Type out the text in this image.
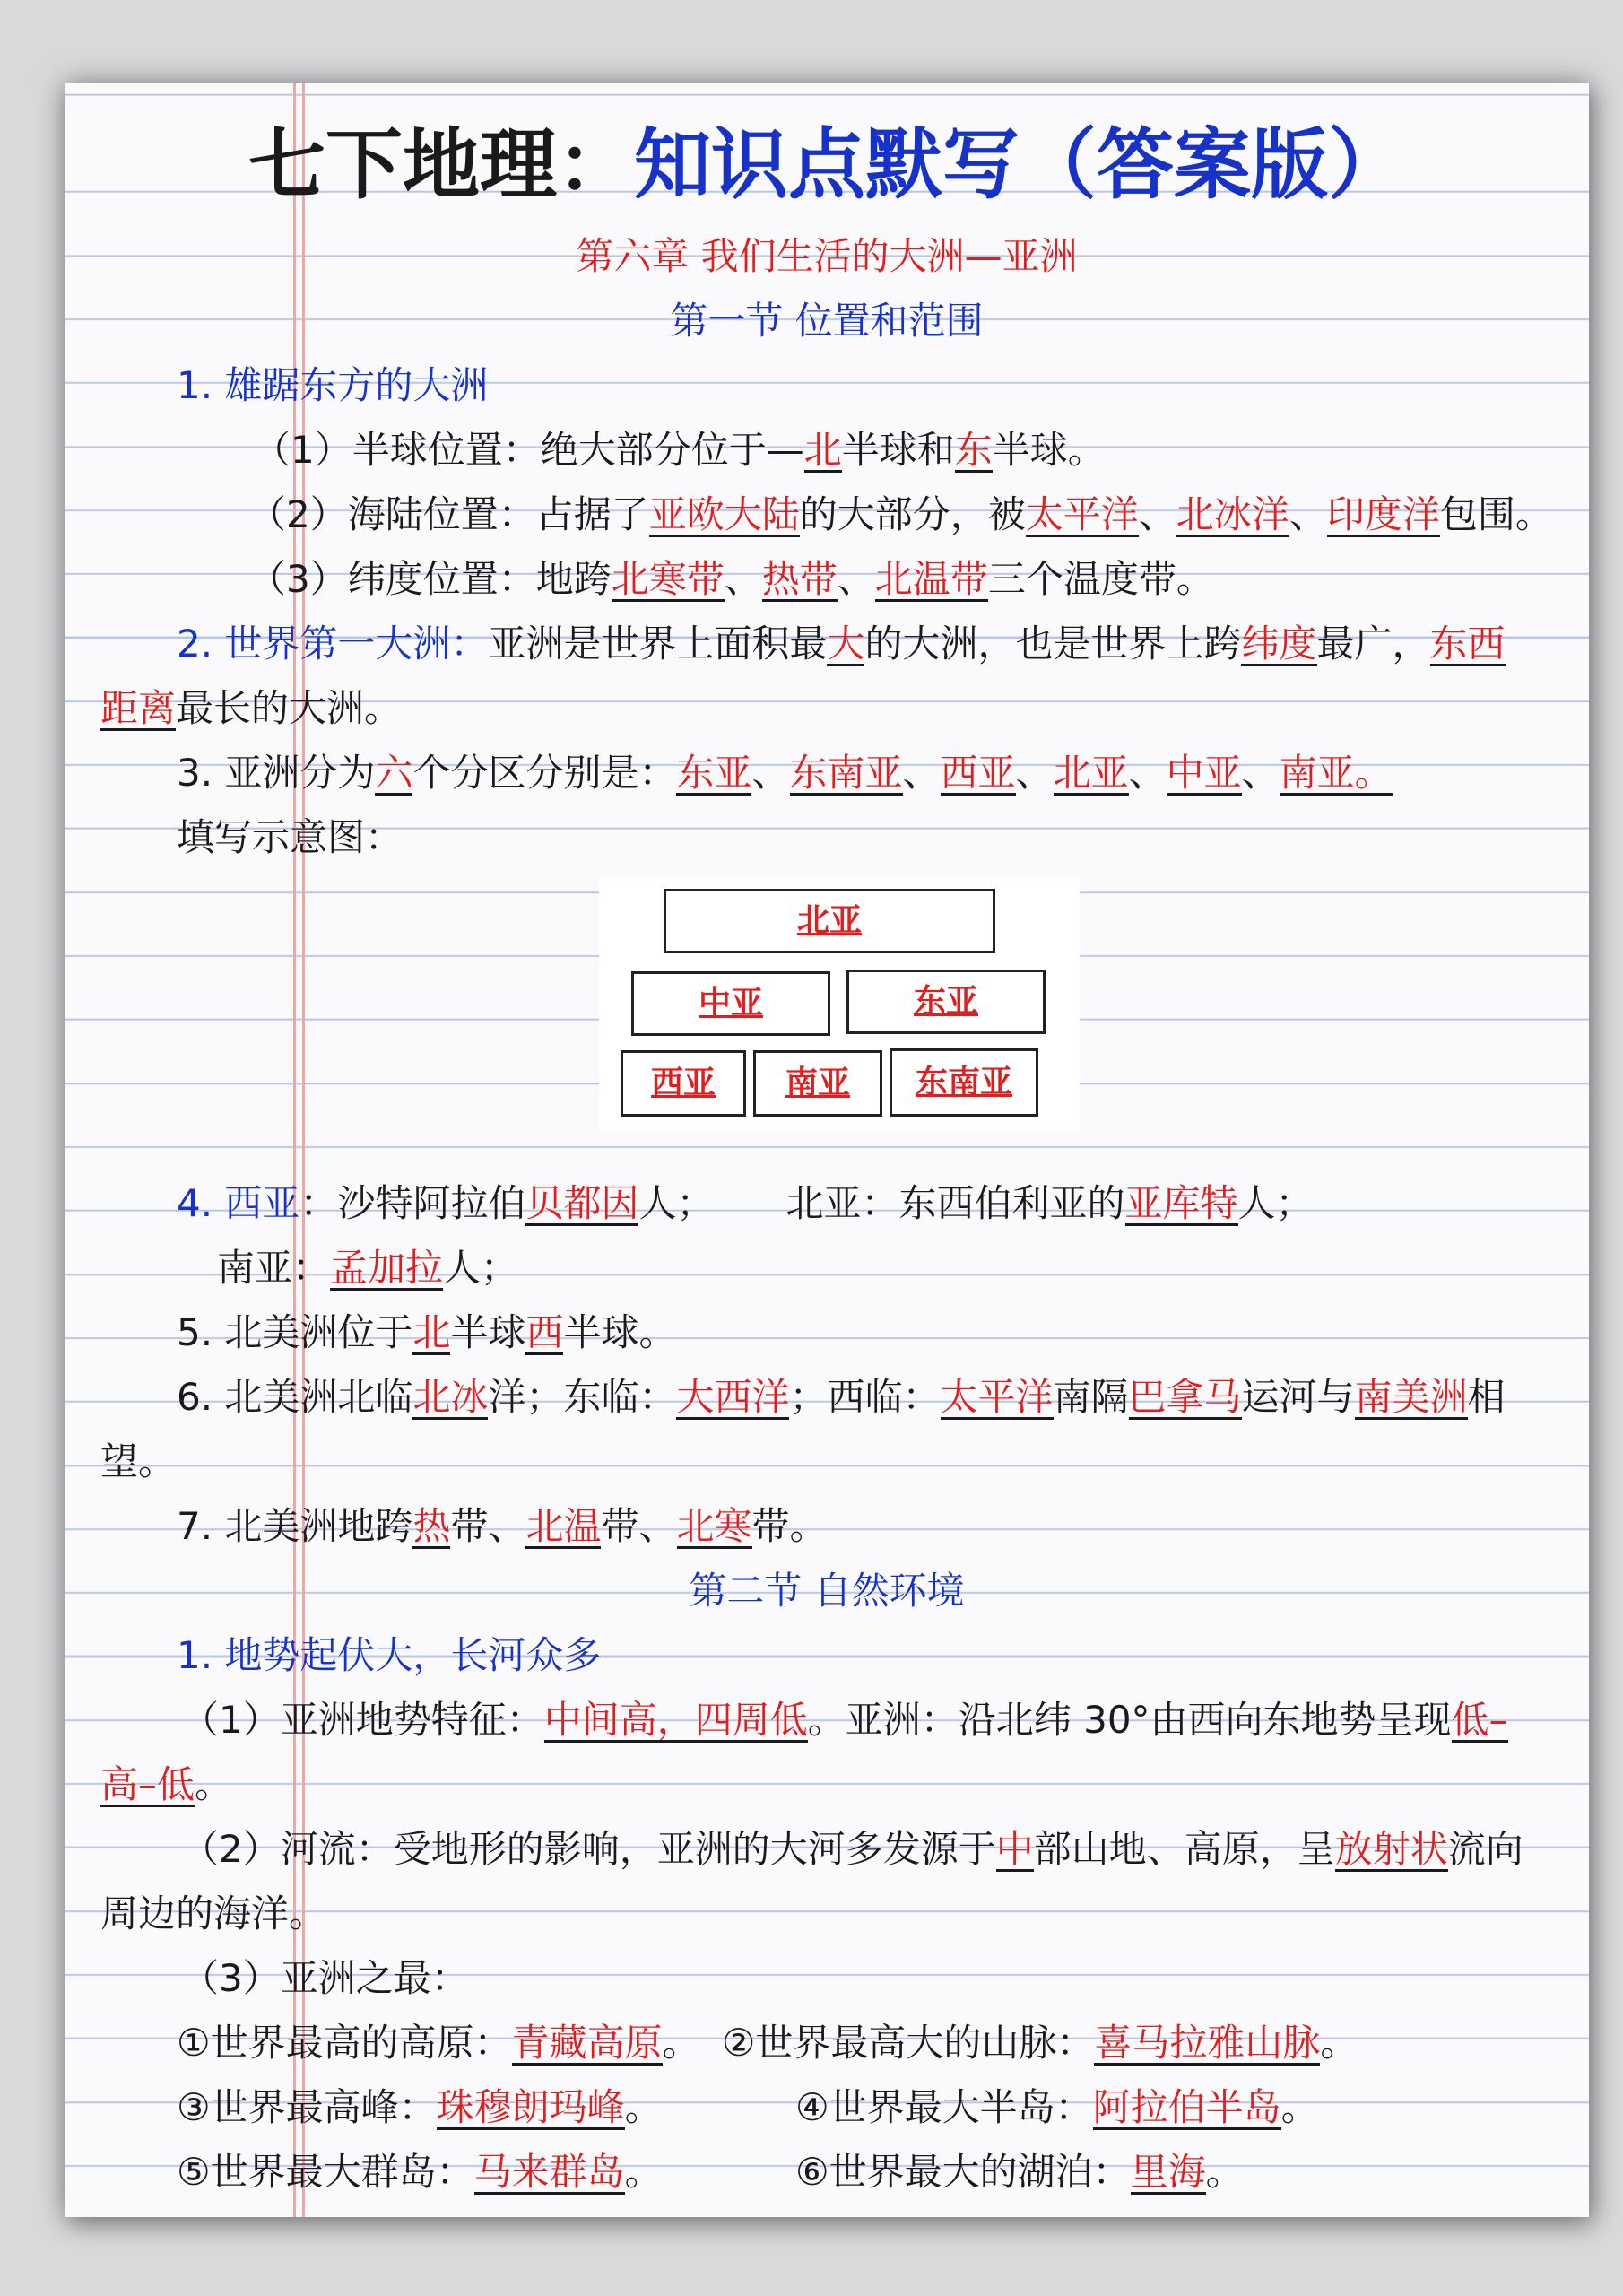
七下地理：知识点默写（答案版）
第六章 我们生活的大洲—亚洲
第一节 位置和范围
1. 雄踞东方的大洲
（1）半球位置：绝大部分位于—北半球和东半球。
（2）海陆位置：占据了亚欧大陆的大部分，被太平洋、北冰洋、印度洋包围。
（3）纬度位置：地跨北寒带、热带、北温带三个温度带。
2. 世界第一大洲：亚洲是世界上面积最大的大洲，也是世界上跨纬度最广，东西
距离最长的大洲。
3. 亚洲分为六个分区分别是：东亚、东南亚、西亚、北亚、中亚、南亚。
填写示意图：
北亚
中亚	东亚
西亚	南亚	东南亚
4. 西亚：沙特阿拉伯贝都因人； 北亚：东西伯利亚的亚库特人；
南亚：孟加拉人；
5. 北美洲位于北半球西半球。
6. 北美洲北临北冰洋；东临：大西洋；西临：太平洋南隔巴拿马运河与南美洲相
望。
7. 北美洲地跨热带、北温带、北寒带。
第二节 自然环境
1. 地势起伏大，长河众多
（1）亚洲地势特征：中间高，四周低。亚洲：沿北纬 30°由西向东地势呈现低–
高–低。
（2）河流：受地形的影响，亚洲的大河多发源于中部山地、高原，呈放射状流向
周边的海洋。
（3）亚洲之最：
①世界最高的高原：青藏高原。 ②世界最高大的山脉：喜马拉雅山脉。
③世界最高峰：珠穆朗玛峰。	④世界最大半岛：阿拉伯半岛。
⑤世界最大群岛：马来群岛。	⑥世界最大的湖泊：里海。
